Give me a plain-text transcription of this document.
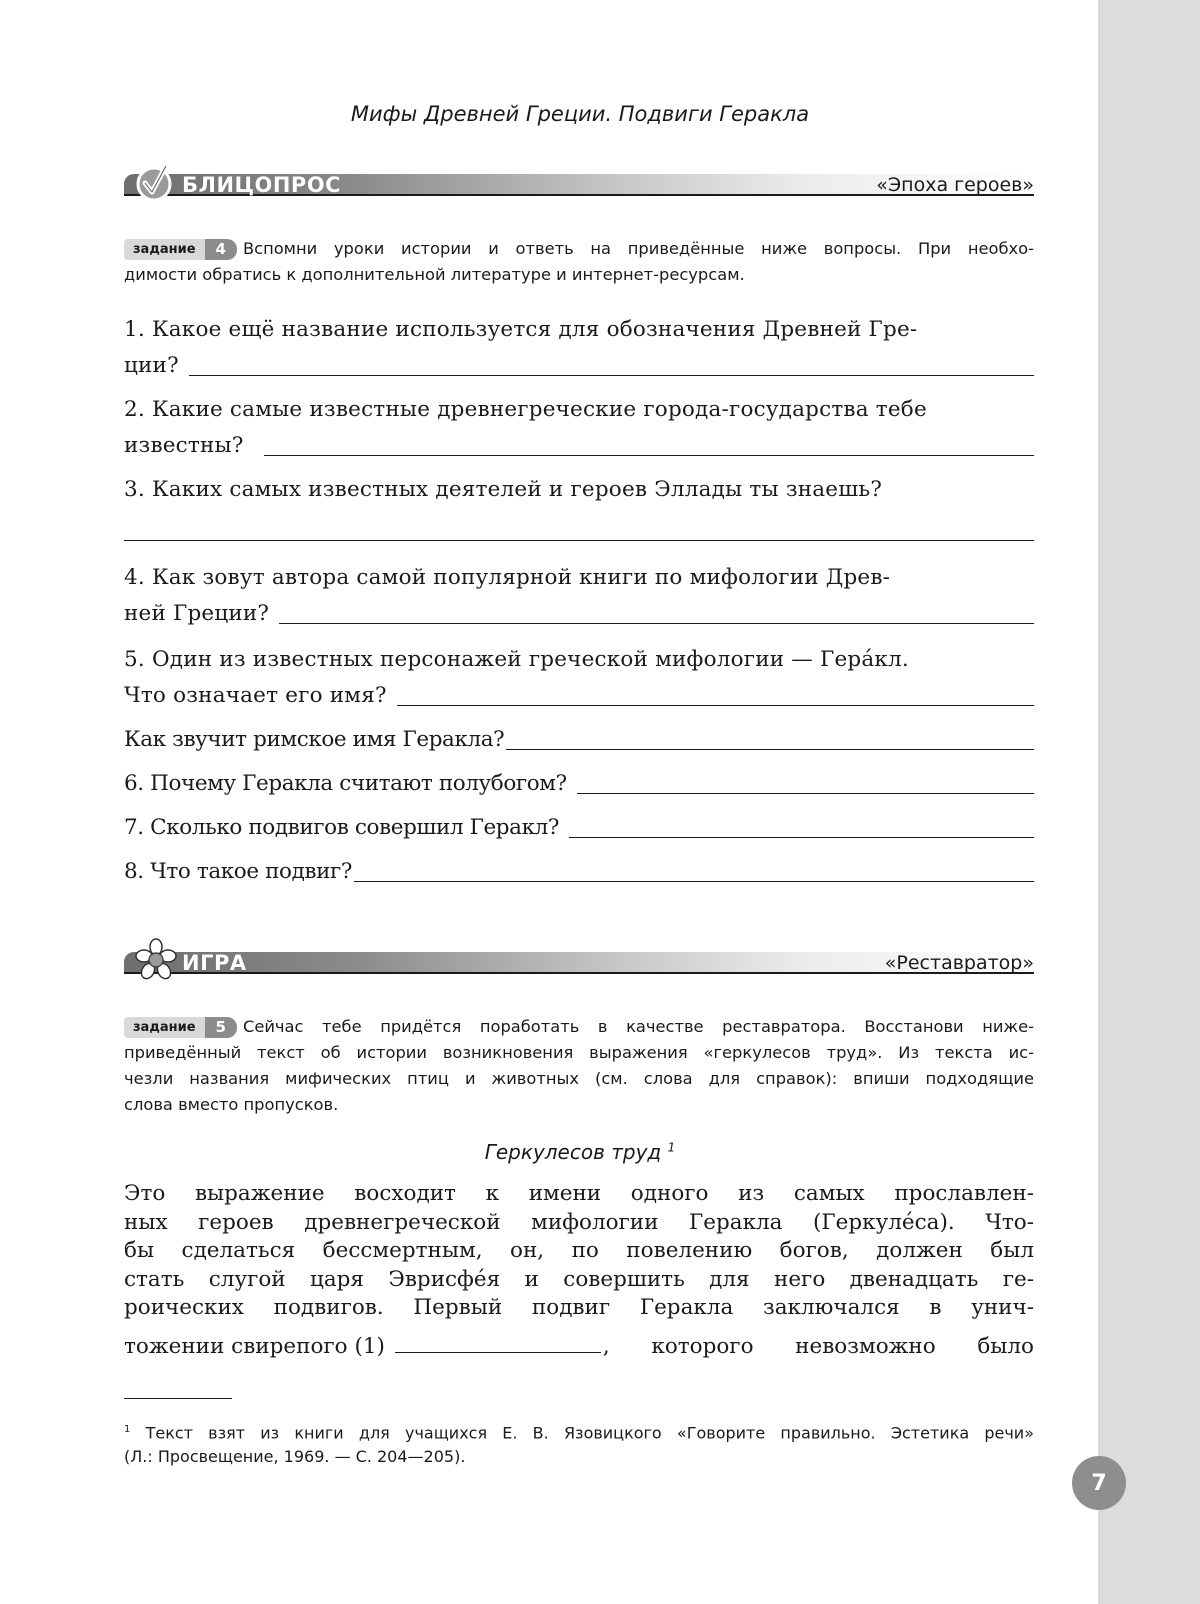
7
Мифы Древней Греции. Подвиги Геракла
БЛИЦОПРОС	«Эпоха героев»
задание	4	Вспомни уроки истории и ответь на приведённые ниже вопросы. При необхо-
димости обратись к дополнительной литературе и интернет-ресурсам.
1. Какое ещё название используется для обозначения Древней Гре-
ции?
2. Какие самые известные древнегреческие города-государства тебе
известны?
3. Каких самых известных деятелей и героев Эллады ты знаешь?
4. Как зовут автора самой популярной книги по мифологии Древ-
ней Греции?
5. Один из известных персонажей греческой мифологии — Гера́кл.
Что означает его имя?
Как звучит римское имя Геракла?
6. Почему Геракла считают полубогом?
7. Сколько подвигов совершил Геракл?
8. Что такое подвиг?
ИГРА	«Реставратор»
задание	5	Сейчас тебе придётся поработать в качестве реставратора. Восстанови ниже-
приведённый текст об истории возникновения выражения «геркулесов труд». Из текста ис-
чезли названия мифических птиц и животных (см. слова для справок): впиши подходящие
слова вместо пропусков.
Геркулесов труд $^1$
Это выражение восходит к имени одного из самых прославлен-
ных героев древнегреческой мифологии Геракла (Геркуле́са). Что-
бы сделаться бессмертным, он, по повелению богов, должен был
стать слугой царя Эврисфе́я и совершить для него двенадцать ге-
роических подвигов. Первый подвиг Геракла заключался в унич-
тожении свирепого (1)	, которого невозможно было
$^1$ Текст взят из книги для учащихся Е. В. Язовицкого «Говорите правильно. Эстетика речи»
(Л.: Просвещение, 1969. — С. 204—205).
